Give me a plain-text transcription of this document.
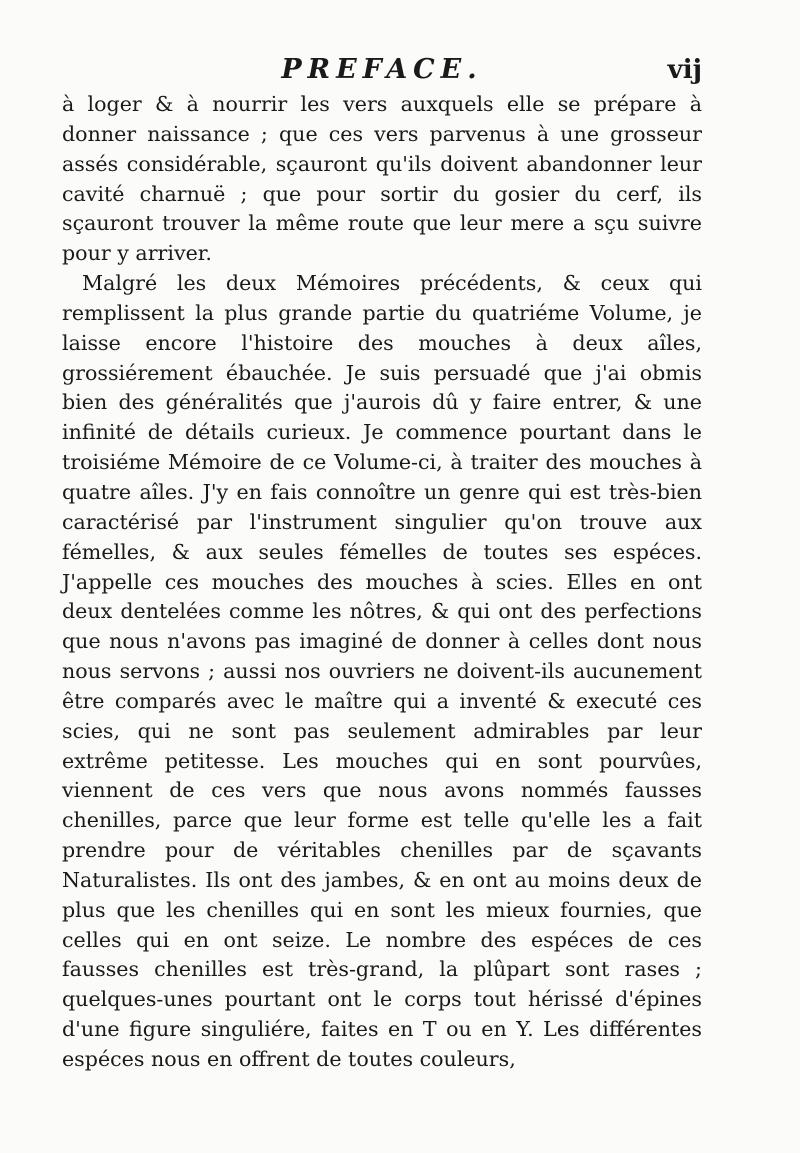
PREFACE.	vij

à loger & à nourrir les vers auxquels elle se prépare à donner naissance ; que ces vers parvenus à une grosseur assés considérable, sçauront qu'ils doivent abandonner leur cavité charnuë ; que pour sortir du gosier du cerf, ils sçauront trouver la même route que leur mere a sçu suivre pour y arriver.

Malgré les deux Mémoires précédents, & ceux qui remplissent la plus grande partie du quatriéme Volume, je laisse encore l'histoire des mouches à deux aîles, grossiérement ébauchée. Je suis persuadé que j'ai obmis bien des généralités que j'aurois dû y faire entrer, & une infinité de détails curieux. Je commence pourtant dans le troisiéme Mémoire de ce Volume-ci, à traiter des mouches à quatre aîles. J'y en fais connoître un genre qui est très-bien caractérisé par l'instrument singulier qu'on trouve aux fémelles, & aux seules fémelles de toutes ses espéces. J'appelle ces mouches des mouches à scies. Elles en ont deux dentelées comme les nôtres, & qui ont des perfections que nous n'avons pas imaginé de donner à celles dont nous nous servons ; aussi nos ouvriers ne doivent-ils aucunement être comparés avec le maître qui a inventé & executé ces scies, qui ne sont pas seulement admirables par leur extrême petitesse. Les mouches qui en sont pourvûes, viennent de ces vers que nous avons nommés fausses chenilles, parce que leur forme est telle qu'elle les a fait prendre pour de véritables chenilles par de sçavants Naturalistes. Ils ont des jambes, & en ont au moins deux de plus que les chenilles qui en sont les mieux fournies, que celles qui en ont seize. Le nombre des espéces de ces fausses chenilles est très-grand, la plûpart sont rases ; quelques-unes pourtant ont le corps tout hérissé d'épines d'une figure singuliére, faites en T ou en Y. Les différentes espéces nous en offrent de toutes couleurs,
